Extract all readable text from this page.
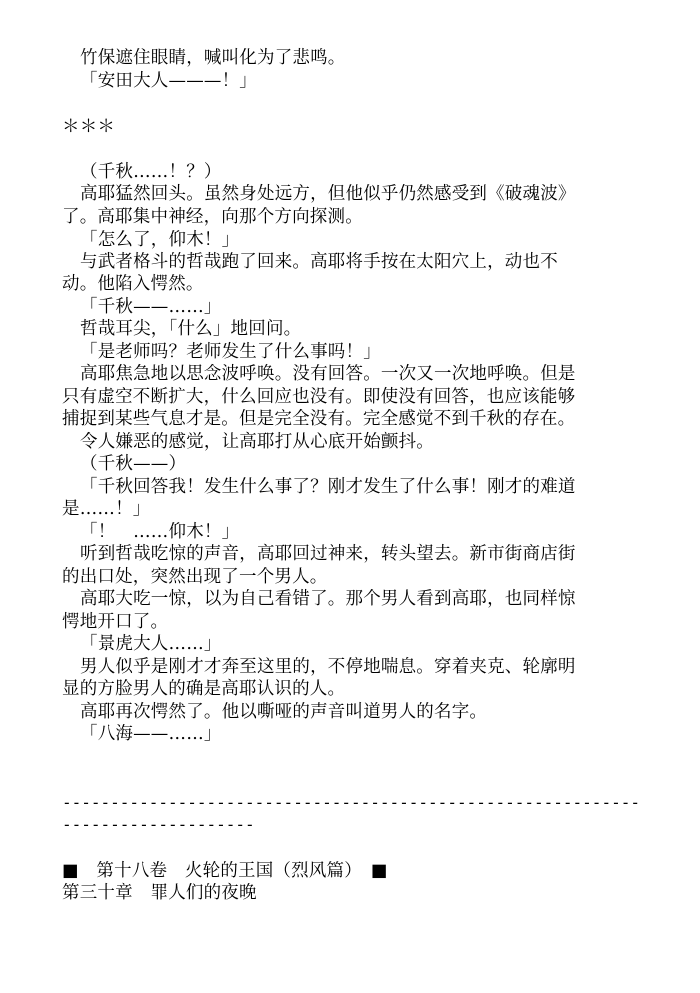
竹保遮住眼睛，喊叫化为了悲鸣。
「安田大人———！」
＊＊＊
（千秋……！？）
高耶猛然回头。虽然身处远方，但他似乎仍然感受到《破魂波》
了。高耶集中神经，向那个方向探测。
「怎么了，仰木！」
与武者格斗的哲哉跑了回来。高耶将手按在太阳穴上，动也不
动。他陷入愕然。
「千秋——……」
哲哉耳尖，「什么」地回问。
「是老师吗？老师发生了什么事吗！」
高耶焦急地以思念波呼唤。没有回答。一次又一次地呼唤。但是
只有虚空不断扩大，什么回应也没有。即使没有回答，也应该能够
捕捉到某些气息才是。但是完全没有。完全感觉不到千秋的存在。
令人嫌恶的感觉，让高耶打从心底开始颤抖。
（千秋——）
「千秋回答我！发生什么事了？刚才发生了什么事！刚才的难道
是……！」
「！　……仰木！」
听到哲哉吃惊的声音，高耶回过神来，转头望去。新市街商店街
的出口处，突然出现了一个男人。
高耶大吃一惊，以为自己看错了。那个男人看到高耶，也同样惊
愕地开口了。
「景虎大人……」
男人似乎是刚才才奔至这里的，不停地喘息。穿着夹克、轮廓明
显的方脸男人的确是高耶认识的人。
高耶再次愕然了。他以嘶哑的声音叫道男人的名字。
「八海——……」
------------------------------------------------------------
--------------------
■　第十八卷　火轮的王国（烈风篇）　■
第三十章　罪人们的夜晚
